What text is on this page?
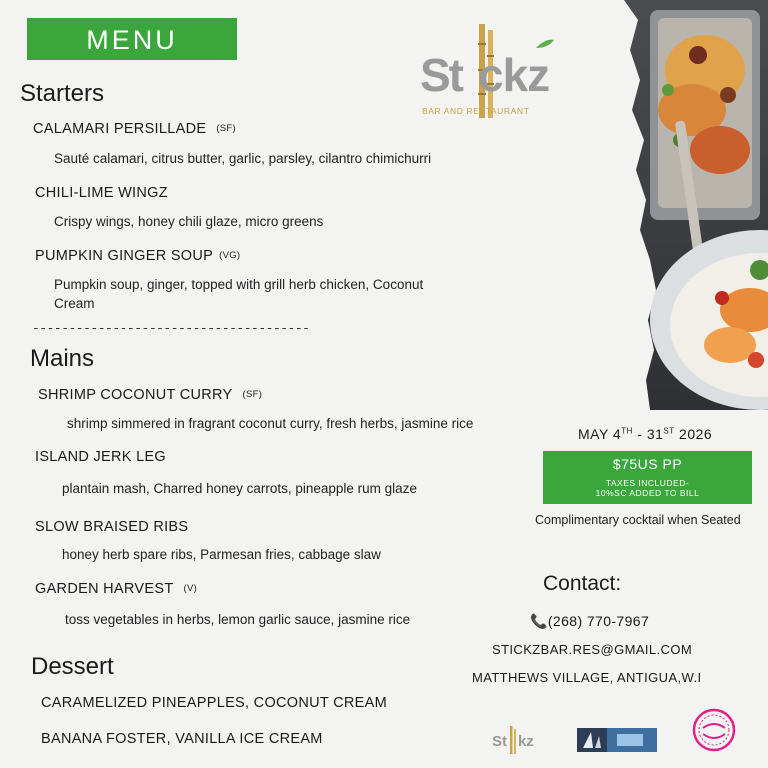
MENU
St ckz
BAR AND RESTAURANT
Starters
CALAMARI PERSILLADE (SF)
Sauté calamari, citrus butter, garlic, parsley, cilantro chimichurri
CHILI-LIME WINGZ
Crispy wings, honey chili glaze, micro greens
PUMPKIN GINGER SOUP (VG)
Pumpkin soup, ginger, topped with grill herb chicken, Coconut
Cream
--------------------------------------
Mains
SHRIMP COCONUT CURRY (SF)
shrimp simmered in fragrant coconut curry, fresh herbs, jasmine rice
ISLAND JERK LEG
plantain mash, Charred honey carrots, pineapple rum glaze
SLOW BRAISED RIBS
honey herb spare ribs, Parmesan fries, cabbage slaw
GARDEN HARVEST (V)
toss vegetables in herbs, lemon garlic sauce, jasmine rice
Dessert
CARAMELIZED PINEAPPLES, COCONUT CREAM
BANANA FOSTER, VANILLA ICE CREAM
MAY 4TH - 31ST 2026
$75US PP
TAXES INCLUDED-
10%SC ADDED TO BILL
Complimentary cocktail when Seated
Contact:
📞(268) 770-7967
STICKZBAR.RES@GMAIL.COM
MATTHEWS VILLAGE, ANTIGUA,W.I
St kz
